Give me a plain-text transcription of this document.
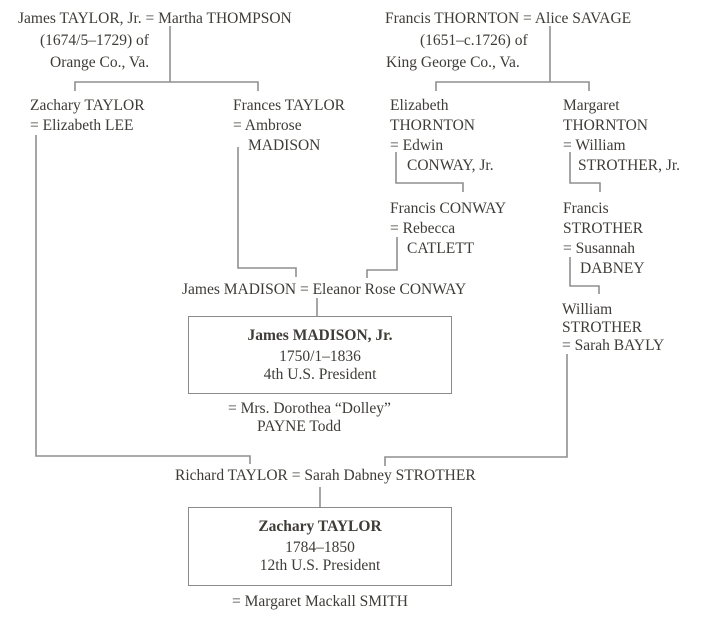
James TAYLOR, Jr. = Martha THOMPSON
(1674/5–1729) of
Orange Co., Va.
Francis THORNTON = Alice SAVAGE
(1651–c.1726) of
King George Co., Va.
Zachary TAYLOR
= Elizabeth LEE
Frances TAYLOR
= Ambrose
MADISON
Elizabeth
THORNTON
= Edwin
CONWAY, Jr.
Margaret
THORNTON
= William
STROTHER, Jr.
Francis CONWAY
= Rebecca
CATLETT
Francis
STROTHER
= Susannah
DABNEY
James MADISON = Eleanor Rose CONWAY
William
STROTHER
= Sarah BAYLY
James MADISON, Jr.
1750/1–1836
4th U.S. President
= Mrs. Dorothea “Dolley”
PAYNE Todd
Richard TAYLOR = Sarah Dabney STROTHER
Zachary TAYLOR
1784–1850
12th U.S. President
= Margaret Mackall SMITH
